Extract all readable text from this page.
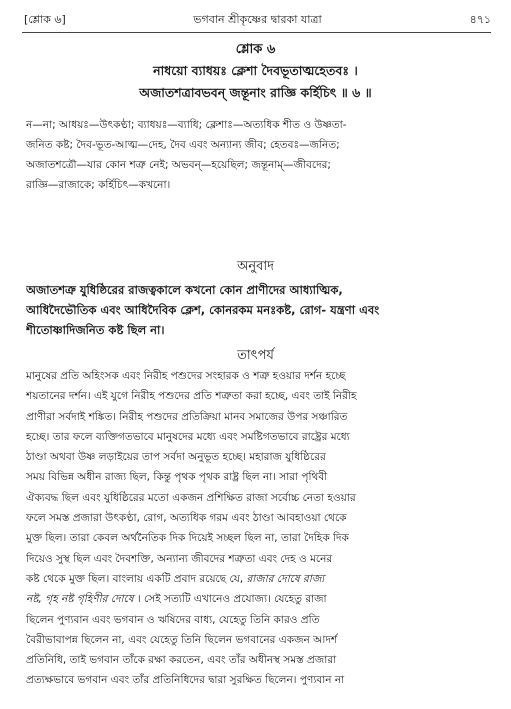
[শ্লোক ৬]	ভগবান শ্রীকৃষ্ণের দ্বারকা যাত্রা	৪৭১
শ্লোক ৬
নাধয়ো ব্যাধয়ঃ ক্লেশা দৈবভূতাত্মহেতবঃ ।
অজাতশত্রাবভবন্ জন্তূনাং রাজ্ঞি কর্হিচিৎ ॥ ৬ ॥
ন—না; আধয়ঃ—উৎকণ্ঠা; ব্যাধয়ঃ—ব্যাধি; ক্লেশাঃ—অত্যধিক শীত ও উষ্ণতা-
জনিত কষ্ট; দৈব-ভূত-আত্ম—দেহ, দৈব এবং অন্যান্য জীব; হেতবঃ—জনিত;
অজাতশত্রৌ—যার কোন শত্রু নেই; অভবন্—হয়েছিল; জন্তূনাম্—জীবদের;
রাজ্ঞি—রাজাকে; কর্হিচিৎ—কখনো।
অনুবাদ
অজাতশত্রু যুধিষ্ঠিরের রাজত্বকালে কখনো কোন প্রাণীদের আধ্যাত্মিক,
আধিদৈভৌতিক এবং আধিদৈবিক ক্লেশ, কোনরকম মনঃকষ্ট, রোগ- যন্ত্রণা এবং
শীতোষ্ণাদিজনিত কষ্ট ছিল না।
তাৎপর্য
মানুষের প্রতি অহিংসক এবং নিরীহ পশুদের সংহারক ও শত্রু হওয়ার দর্শন হচ্ছে
শয়তানের দর্শন। এই যুগে নিরীহ পশুদের প্রতি শত্রুতা করা হচ্ছে, এবং তাই নিরীহ
প্রাণীরা সর্বদাই শঙ্কিত। নিরীহ পশুদের প্রতিক্রিয়া মানব সমাজের উপর সঞ্চারিত
হচ্ছে। তার ফলে ব্যক্তিগতভাবে মানুষদের মধ্যে এবং সমষ্টিগতভাবে রাষ্ট্রের মধ্যে
ঠাণ্ডা অথবা উষ্ণ লড়াইয়ের তাপ সর্বদা অনুভূত হচ্ছে। মহারাজ যুধিষ্ঠিরের
সময় বিভিন্ন অধীন রাজ্য ছিল, কিন্তু পৃথক পৃথক রাষ্ট্র ছিল না। সারা পৃথিবী
ঐক্যবদ্ধ ছিল এবং যুধিষ্ঠিরের মতো একজন প্রশিক্ষিত রাজা সর্বোচ্চ নেতা হওয়ার
ফলে সমস্ত প্রজারা উৎকণ্ঠা, রোগ, অত্যধিক গরম এবং ঠাণ্ডা আবহাওয়া থেকে
মুক্ত ছিল। তারা কেবল অর্থনৈতিক দিক দিয়েই সচ্ছল ছিল না, তারা দৈহিক দিক
দিয়েও সুস্থ ছিল এবং দৈবশক্তি, অন্যান্য জীবদের শত্রুতা এবং দেহ ও মনের
কষ্ট থেকে মুক্ত ছিল। বাংলায় একটি প্রবাদ রয়েছে যে, রাজার দোষে রাজ্য
নষ্ট, গৃহ নষ্ট গৃহিণীর দোষে । সেই সত্যটি এখানেও প্রযোজ্য। যেহেতু রাজা
ছিলেন পুণ্যবান এবং ভগবান ও ঋষিদের বাধ্য, যেহেতু তিনি কারও প্রতি
বৈরীভাবাপন্ন ছিলেন না, এবং যেহেতু তিনি ছিলেন ভগবানের একজন আদর্শ
প্রতিনিধি, তাই ভগবান তাঁকে রক্ষা করতেন, এবং তাঁর অধীনস্থ সমস্ত প্রজারা
প্রত্যক্ষভাবে ভগবান এবং তাঁর প্রতিনিধিদের দ্বারা সুরক্ষিত ছিলেন। পুণ্যবান না
